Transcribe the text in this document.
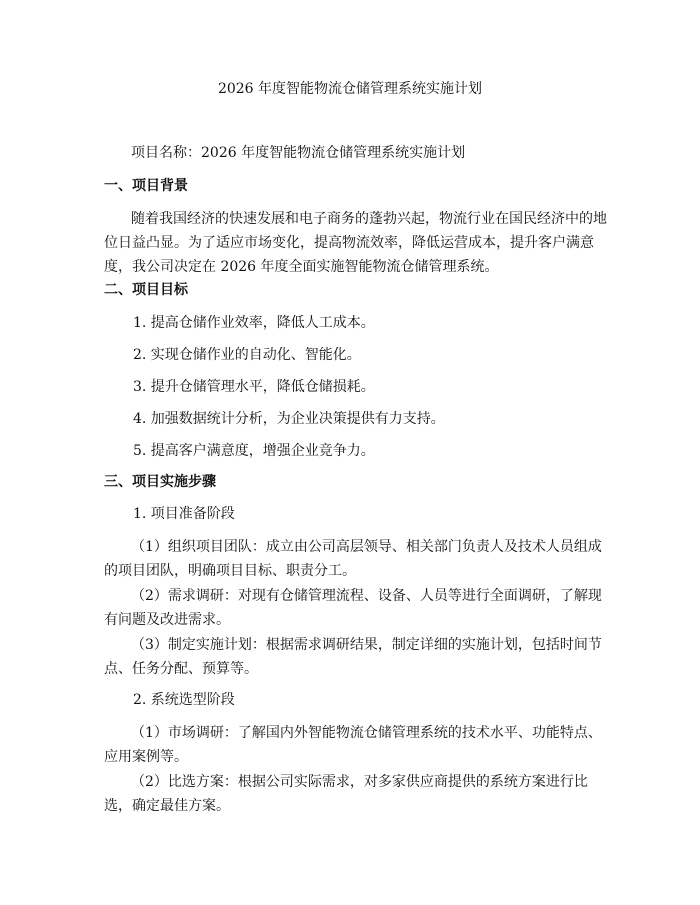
2026 年度智能物流仓储管理系统实施计划
项目名称：2026 年度智能物流仓储管理系统实施计划
一、项目背景
随着我国经济的快速发展和电子商务的蓬勃兴起，物流行业在国民经济中的地
位日益凸显。为了适应市场变化，提高物流效率，降低运营成本，提升客户满意
度，我公司决定在 2026 年度全面实施智能物流仓储管理系统。
二、项目目标
1. 提高仓储作业效率，降低人工成本。
2. 实现仓储作业的自动化、智能化。
3. 提升仓储管理水平，降低仓储损耗。
4. 加强数据统计分析，为企业决策提供有力支持。
5. 提高客户满意度，增强企业竞争力。
三、项目实施步骤
1. 项目准备阶段
（1）组织项目团队：成立由公司高层领导、相关部门负责人及技术人员组成
的项目团队，明确项目目标、职责分工。
（2）需求调研：对现有仓储管理流程、设备、人员等进行全面调研，了解现
有问题及改进需求。
（3）制定实施计划：根据需求调研结果，制定详细的实施计划，包括时间节
点、任务分配、预算等。
2. 系统选型阶段
（1）市场调研：了解国内外智能物流仓储管理系统的技术水平、功能特点、
应用案例等。
（2）比选方案：根据公司实际需求，对多家供应商提供的系统方案进行比
选，确定最佳方案。
